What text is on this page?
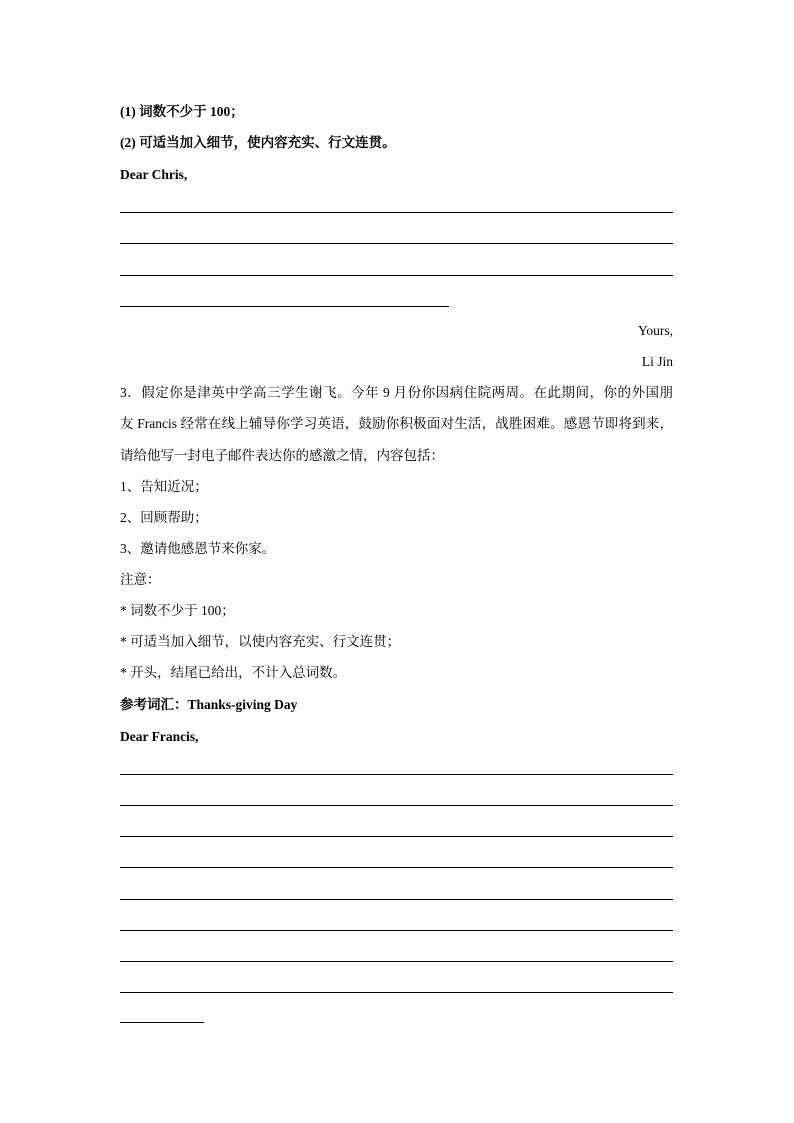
(1) 词数不少于 100；
(2) 可适当加入细节，使内容充实、行文连贯。
Dear Chris,
Yours,
Li Jin
3．假定你是津英中学高三学生谢飞。今年 9 月份你因病住院两周。在此期间，你的外国朋
友 Francis 经常在线上辅导你学习英语，鼓励你积极面对生活，战胜困难。感恩节即将到来，
请给他写一封电子邮件表达你的感激之情，内容包括：
1、告知近况；
2、回顾帮助；
3、邀请他感恩节来你家。
注意：
* 词数不少于 100；
* 可适当加入细节，以使内容充实、行文连贯；
* 开头，结尾已给出，不计入总词数。
参考词汇：Thanks-giving Day
Dear Francis,
